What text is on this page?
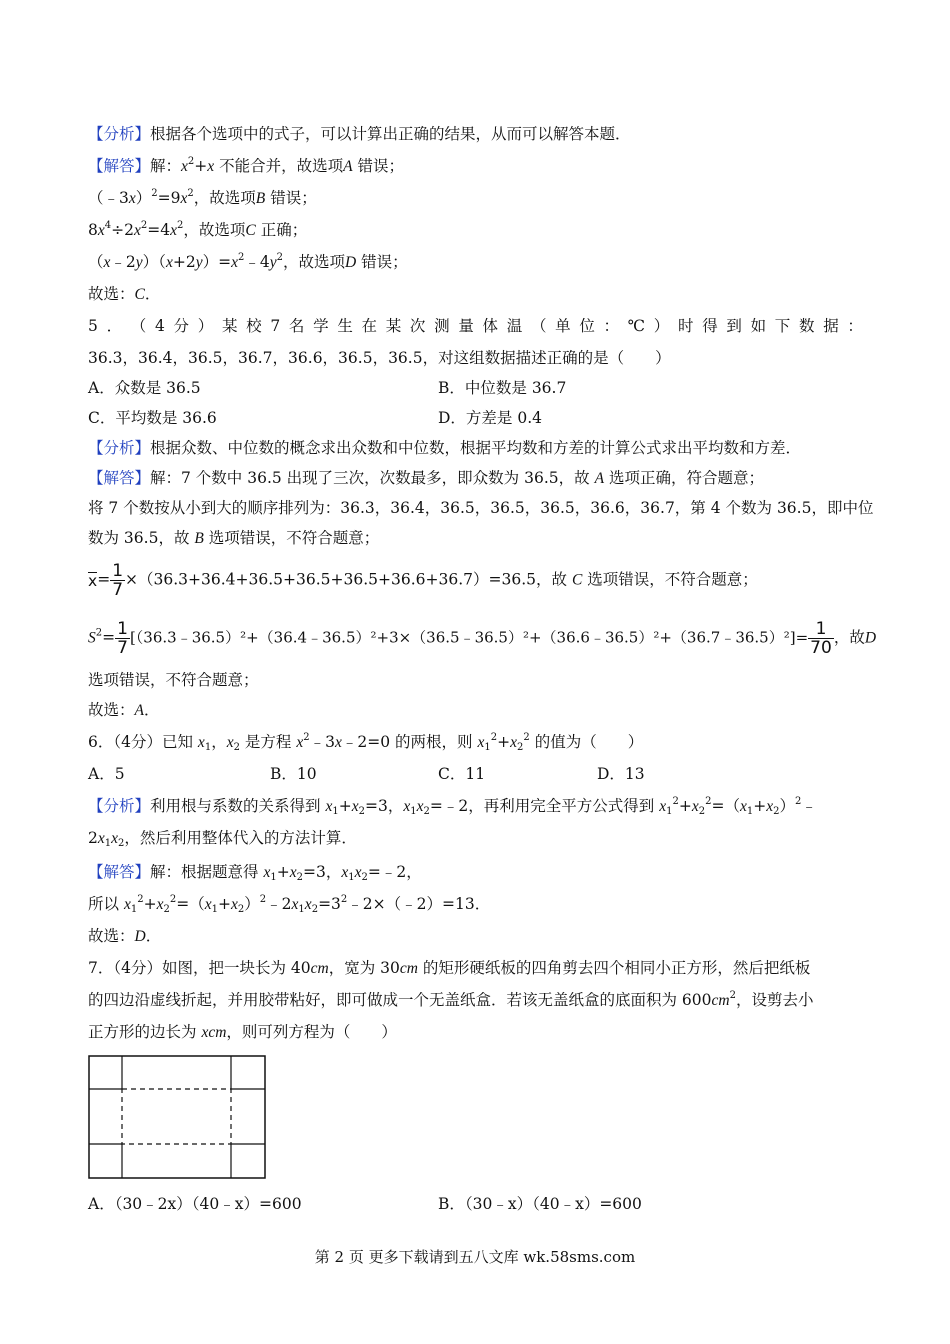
【分析】根据各个选项中的式子，可以计算出正确的结果，从而可以解答本题．
【解答】解：$x^2+x$ 不能合并，故选项A 错误；
$(﹣3x)^2=9x^2$，故选项B 错误；
$8x^4\div 2x^2=4x^2$，故选项C 正确；
$(x﹣2y)(x+2y)=x^2﹣4y^2$，故选项D 错误；
故选：C．
5 ． （ 4 分 ） 某 校 7 名 学 生 在 某 次 测 量 体 温 （ 单 位 ： ℃ ） 时 得 到 如 下 数 据 ：
36.3，36.4，36.5，36.7，36.6，36.5，36.5，对这组数据描述正确的是（　　）
A．众数是 36.5	B．中位数是 36.7
C．平均数是 36.6	D．方差是 0.4
【分析】根据众数、中位数的概念求出众数和中位数，根据平均数和方差的计算公式求出平均数和方差．
【解答】解：7 个数中 36.5 出现了三次，次数最多，即众数为 36.5，故 A 选项正确，符合题意；
将 7 个数按从小到大的顺序排列为：36.3，36.4，36.5，36.5，36.5，36.6，36.7，第 4 个数为 36.5，即中位
数为 36.5，故 B 选项错误，不符合题意；
$x= \frac{1}{7} \times(36.3+36.4+36.5+36.5+36.5+36.6+36.7)=36.5$，故 C 选项错误，不符合题意；
$S^2= \frac{1}{7}$ [（36.3﹣36.5）²+（36.4﹣36.5）²+3×（36.5﹣36.5）²+（36.6﹣36.5）²+（36.7﹣36.5）²]= $\frac{1}{70}$ ，故D
选项错误，不符合题意；
故选：A．
6．（4分）已知 $x_1$，$x_2$ 是方程 $x^2﹣3x﹣2=0$ 的两根，则 $x_1^2+x_2^2$ 的值为（　　）
A．5	B．10	C．11	D．13
【分析】利用根与系数的关系得到 $x_1+x_2=3$，$x_1x_2=﹣2$，再利用完全平方公式得到 $x_1^2+x_2^2=(x_1+x_2)^2﹣$
$2x_1x_2$，然后利用整体代入的方法计算．
【解答】解：根据题意得 $x_1+x_2=3$，$x_1x_2=﹣2$，
所以 $x_1^2+x_2^2=(x_1+x_2)^2﹣2x_1x_2=3^2﹣2\times(﹣2)=13$．
故选：D．
7．（4分）如图，把一块长为 40cm，宽为 30cm 的矩形硬纸板的四角剪去四个相同小正方形，然后把纸板
的四边沿虚线折起，并用胶带粘好，即可做成一个无盖纸盒．若该无盖纸盒的底面积为 $600cm^2$，设剪去小
正方形的边长为 xcm，则可列方程为（　　）
A．（30﹣2x）（40﹣x）=600	B．（30﹣x）（40﹣x）=600
第 2 页 更多下载请到五八文库 wk.58sms.com
